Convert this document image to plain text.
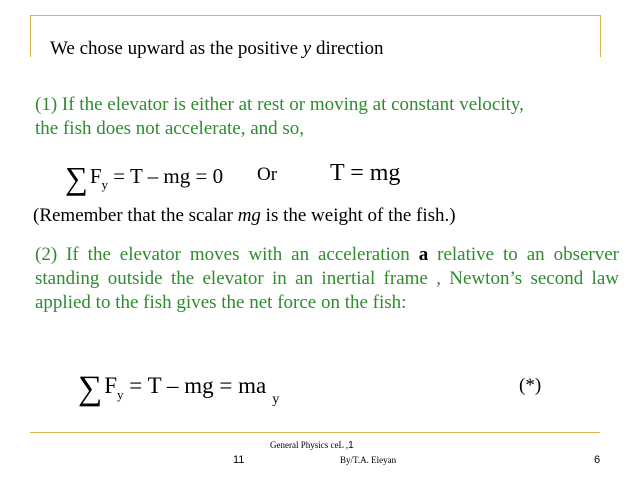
We chose upward as the positive y direction
(1) If the elevator is either at rest or moving at constant velocity,
the fish does not accelerate, and so,
$\sum F_y = T$ – mg = 0 Or T = mg
(Remember that the scalar mg is the weight of the fish.)
(2) If the elevator moves with an acceleration a relative to an observer standing outside the elevator in an inertial frame , Newton’s second law applied to the fish gives the net force on the fish:
$\sum F_y = T$ – mg = $ma_y$
(*)
General Physics ceL ,1
By/T.A. Eleyan
11	6
